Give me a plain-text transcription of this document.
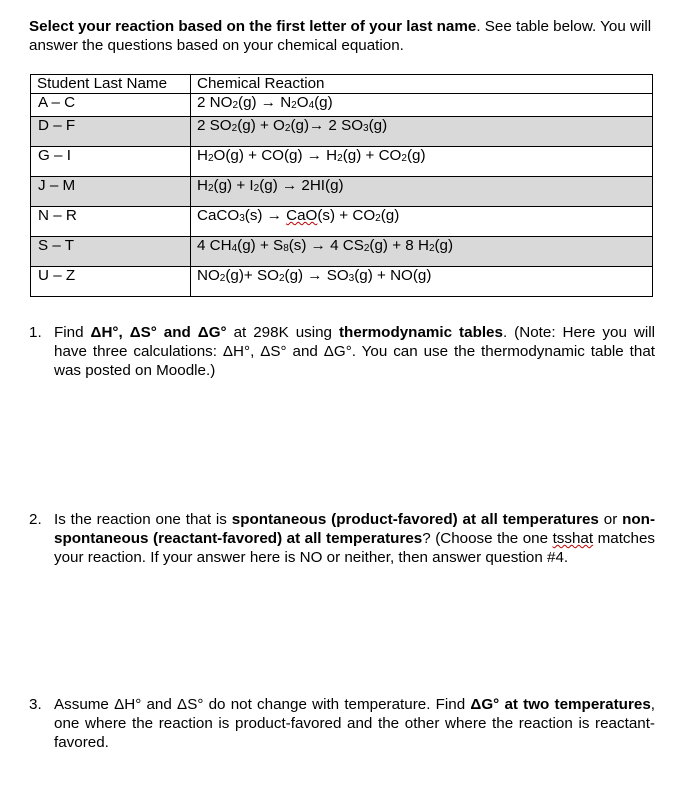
Select your reaction based on the first letter of your last name. See table below. You will answer the questions based on your chemical equation.
Student Last Name	Chemical Reaction
A – C	2 $NO_2(g) \to N_2O_4(g)$
D – F	2 $SO_2(g) + O_2(g)\to 2$ $SO_3(g)$
G – I	$H_2O(g) + CO(g) \to H_2(g) + CO_2(g)$
J – M	$H_2(g) + I_2(g) \to 2HI(g)$
N – R	CaCO$_3$(s) → $CaO(s) + CO_2(g)$
S – T	4 $CH_4(g) + S_8(s) \to 4$ $CS_2(g) + 8$ $H_2(g)$
U – Z	$NO_2(g)+ SO_2(g) \to SO_3(g) + NO(g)$
1. Find ΔH°, ΔS° and ΔG° at 298K using thermodynamic tables. (Note: Here you will have three calculations: ΔH°, ΔS° and ΔG°. You can use the thermodynamic table that was posted on Moodle.)
2. Is the reaction one that is spontaneous (product-favored) at all temperatures or non-spontaneous (reactant-favored) at all temperatures? (Choose the one tsshat matches your reaction. If your answer here is NO or neither, then answer question #4.
3. Assume ΔH° and ΔS° do not change with temperature. Find ΔG° at two temperatures, one where the reaction is product-favored and the other where the reaction is reactant-favored.
